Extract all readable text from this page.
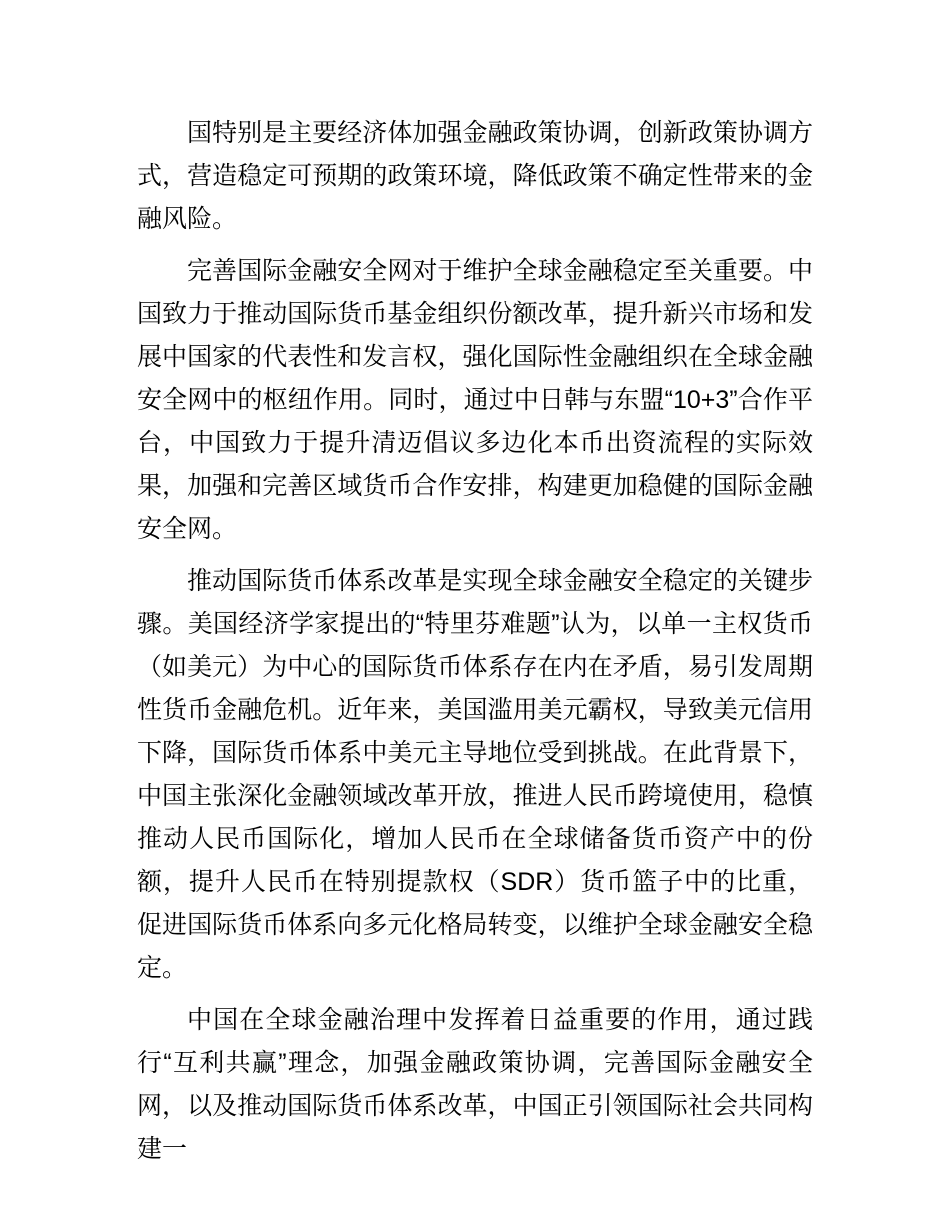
国特别是主要经济体加强金融政策协调，创新政策协调方式，营造稳定可预期的政策环境，降低政策不确定性带来的金融风险。

完善国际金融安全网对于维护全球金融稳定至关重要。中国致力于推动国际货币基金组织份额改革，提升新兴市场和发展中国家的代表性和发言权，强化国际性金融组织在全球金融安全网中的枢纽作用。同时，通过中日韩与东盟“10+3”合作平台，中国致力于提升清迈倡议多边化本币出资流程的实际效果，加强和完善区域货币合作安排，构建更加稳健的国际金融安全网。

推动国际货币体系改革是实现全球金融安全稳定的关键步骤。美国经济学家提出的“特里芬难题”认为，以单一主权货币（如美元）为中心的国际货币体系存在内在矛盾，易引发周期性货币金融危机。近年来，美国滥用美元霸权，导致美元信用下降，国际货币体系中美元主导地位受到挑战。在此背景下，中国主张深化金融领域改革开放，推进人民币跨境使用，稳慎推动人民币国际化，增加人民币在全球储备货币资产中的份额，提升人民币在特别提款权（SDR）货币篮子中的比重，促进国际货币体系向多元化格局转变，以维护全球金融安全稳定。

中国在全球金融治理中发挥着日益重要的作用，通过践行“互利共赢”理念，加强金融政策协调，完善国际金融安全网，以及推动国际货币体系改革，中国正引领国际社会共同构建一
